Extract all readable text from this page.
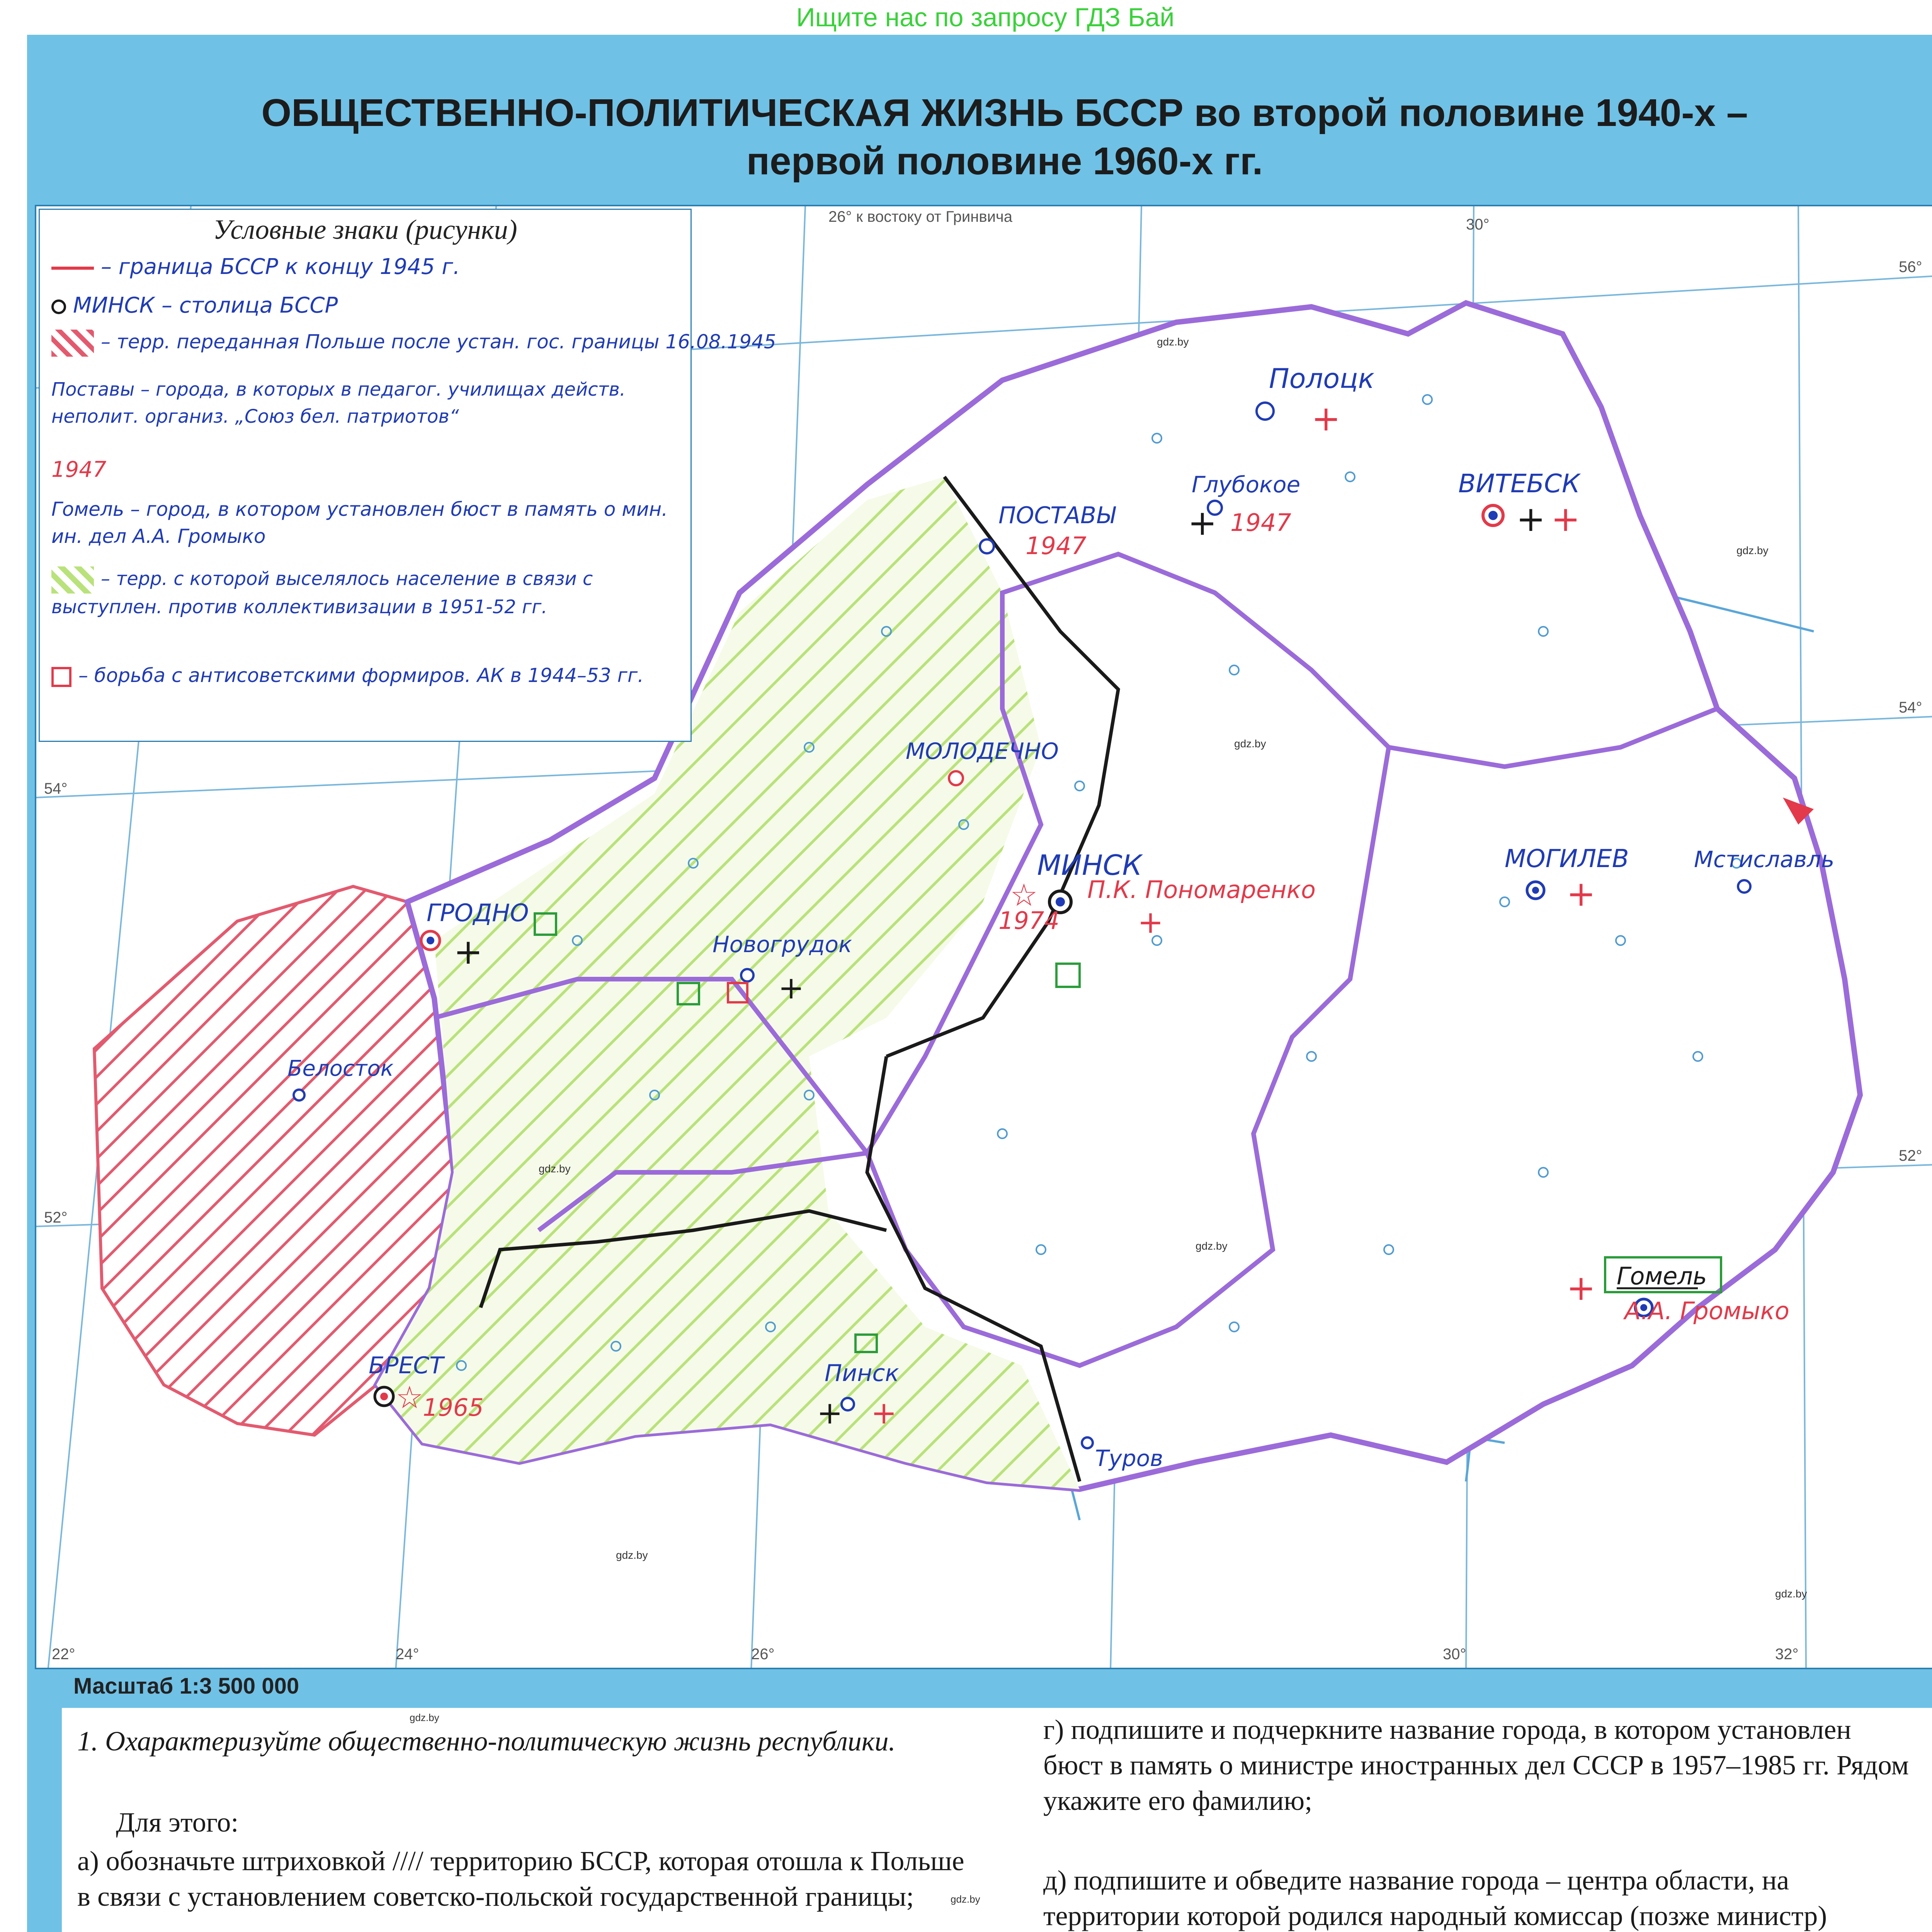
Ищите нас по запросу ГДЗ Бай
ОБЩЕСТВЕННО-ПОЛИТИЧЕСКАЯ ЖИЗНЬ БССР во второй половине 1940-х –
первой половине 1960-х гг.
26° к востоку от Гринвича	30°
22°	24°	26°	30°	32°
54°
52°
56°
54°
52°
Полоцк
+
Глубокое
1947
+
ВИТЕБСК
+ +
ПОСТАВЫ
1947
МОЛОДЕЧНО
МИНСК
П.К. Пономаренко
1974
☆
+
МОГИЛЕВ
+
Мстиславль
ГРОДНО
+	Новогрудок
+
Белосток
БРЕСТ
1965
☆
Пинск
+ +
Туров
Гомель
А.А. Громыко
+
gdz.by
gdz.by
gdz.by
gdz.by
gdz.by
gdz.by
gdz.by
Условные знаки (рисунки)
– граница БССР к концу 1945 г.
МИНСК – столица БССР
– терр. переданная Польше после устан. гос. границы 16.08.1945
Поставы – города, в которых в педагог. училищах действ. неполит. организ. „Союз бел. патриотов“
1947
Гомель – город, в котором установлен бюст в память о мин. ин. дел А.А. Громыко
– терр. с которой выселялось население в связи с выступлен. против коллективизации в 1951-52 гг.
– борьба с антисоветскими формиров. АК в 1944–53 гг.
Масштаб 1:3 500 000
1. Охарактеризуйте общественно-политическую жизнь республики.
Для этого:
а) обозначьте штриховкой //// территорию БССР, которая отошла к Польше в связи с установлением советско-польской государственной границы;
г) подпишите и подчеркните название города, в котором установлен бюст в память о министре иностранных дел СССР в 1957–1985 гг. Рядом укажите его фамилию;
д) подпишите и обведите название города – центра области, на территории которой родился народный комиссар (позже министр)
gdz.by
gdz.by
